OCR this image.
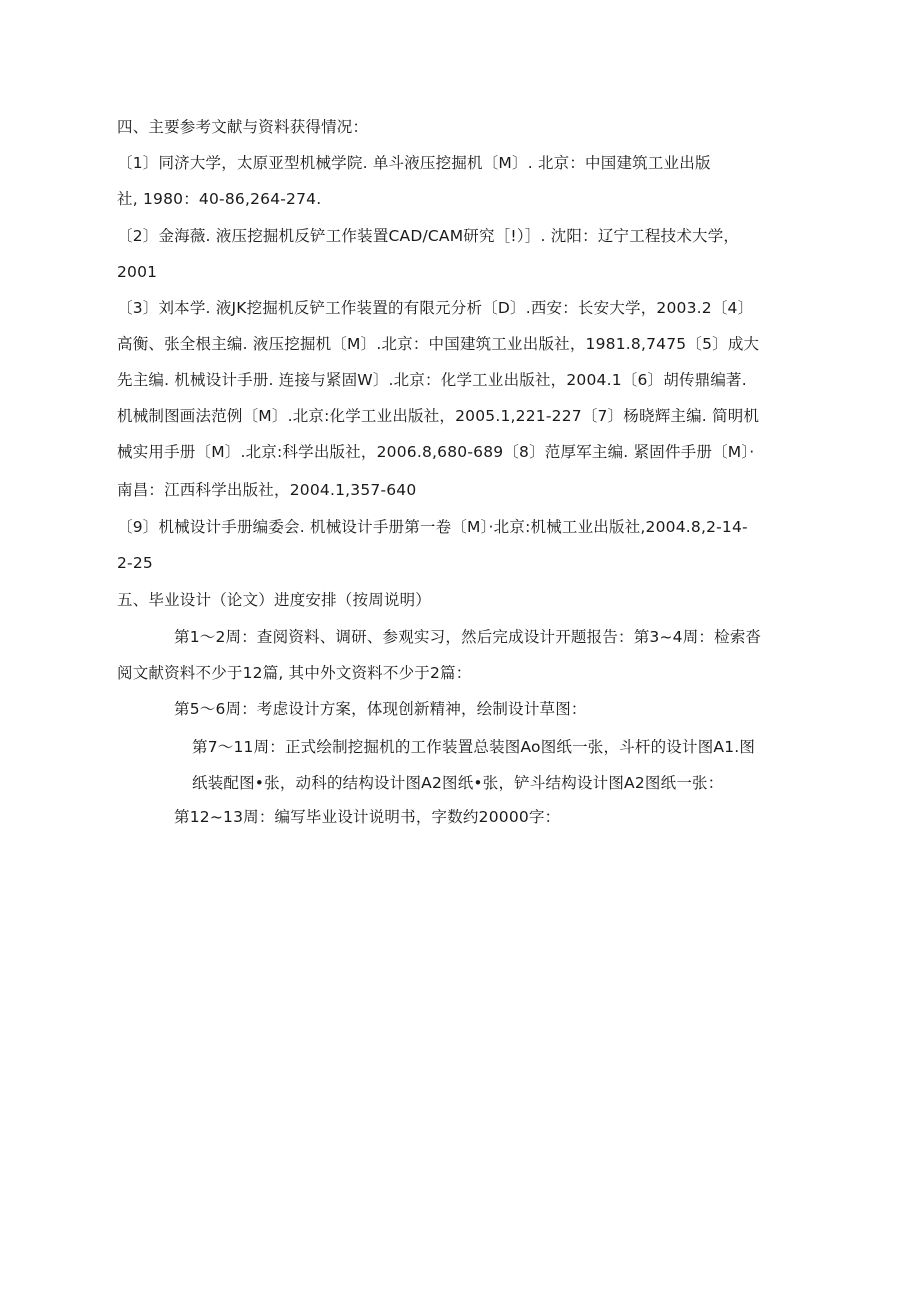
四、主要参考文献与资料获得情况：
〔1〕同济大学，太原亚型机械学院. 单斗液压挖掘机〔M〕. 北京：中国建筑工业出版
社, 1980：40-86,264-274.
〔2〕金海薇. 液压挖掘机反铲工作装置CAD/CAM研究［!）］. 沈阳：辽宁工程技术大学，
2001
〔3〕刘本学. 液JK挖掘机反铲工作装置的有限元分析〔D〕.西安：长安大学，2003.2〔4〕
高衡、张全根主编. 液压挖掘机〔M〕.北京：中国建筑工业出版社，1981.8,7475〔5〕成大
先主编. 机械设计手册. 连接与紧固W〕.北京：化学工业出版社，2004.1〔6〕胡传鼎编著.
机械制图画法范例〔M〕.北京:化学工业出版社，2005.1,221-227〔7〕杨晓辉主编. 简明机
械实用手册〔M〕.北京:科学出版社，2006.8,680-689〔8〕范厚军主编. 紧固件手册〔M〕·
南昌：江西科学出版社，2004.1,357-640
〔9〕机械设计手册编委会. 机械设计手册第一卷〔M〕·北京:机械工业出版社,2004.8,2-14-
2-25
五、毕业设计（论文）进度安排（按周说明）
第1～2周：查阅资料、调研、参观实习，然后完成设计开题报告：第3~4周：检索沓
阅文献资料不少于12篇, 其中外文资料不少于2篇：
第5～6周：考虑设计方案，体现创新精神，绘制设计草图：
第7～11周：正式绘制挖掘机的工作装置总装图Ao图纸一张，斗杆的设计图A1.图
纸装配图•张，动科的结构设计图A2图纸•张，铲斗结构设计图A2图纸一张：
第12~13周：编写毕业设计说明书，字数约20000字：
